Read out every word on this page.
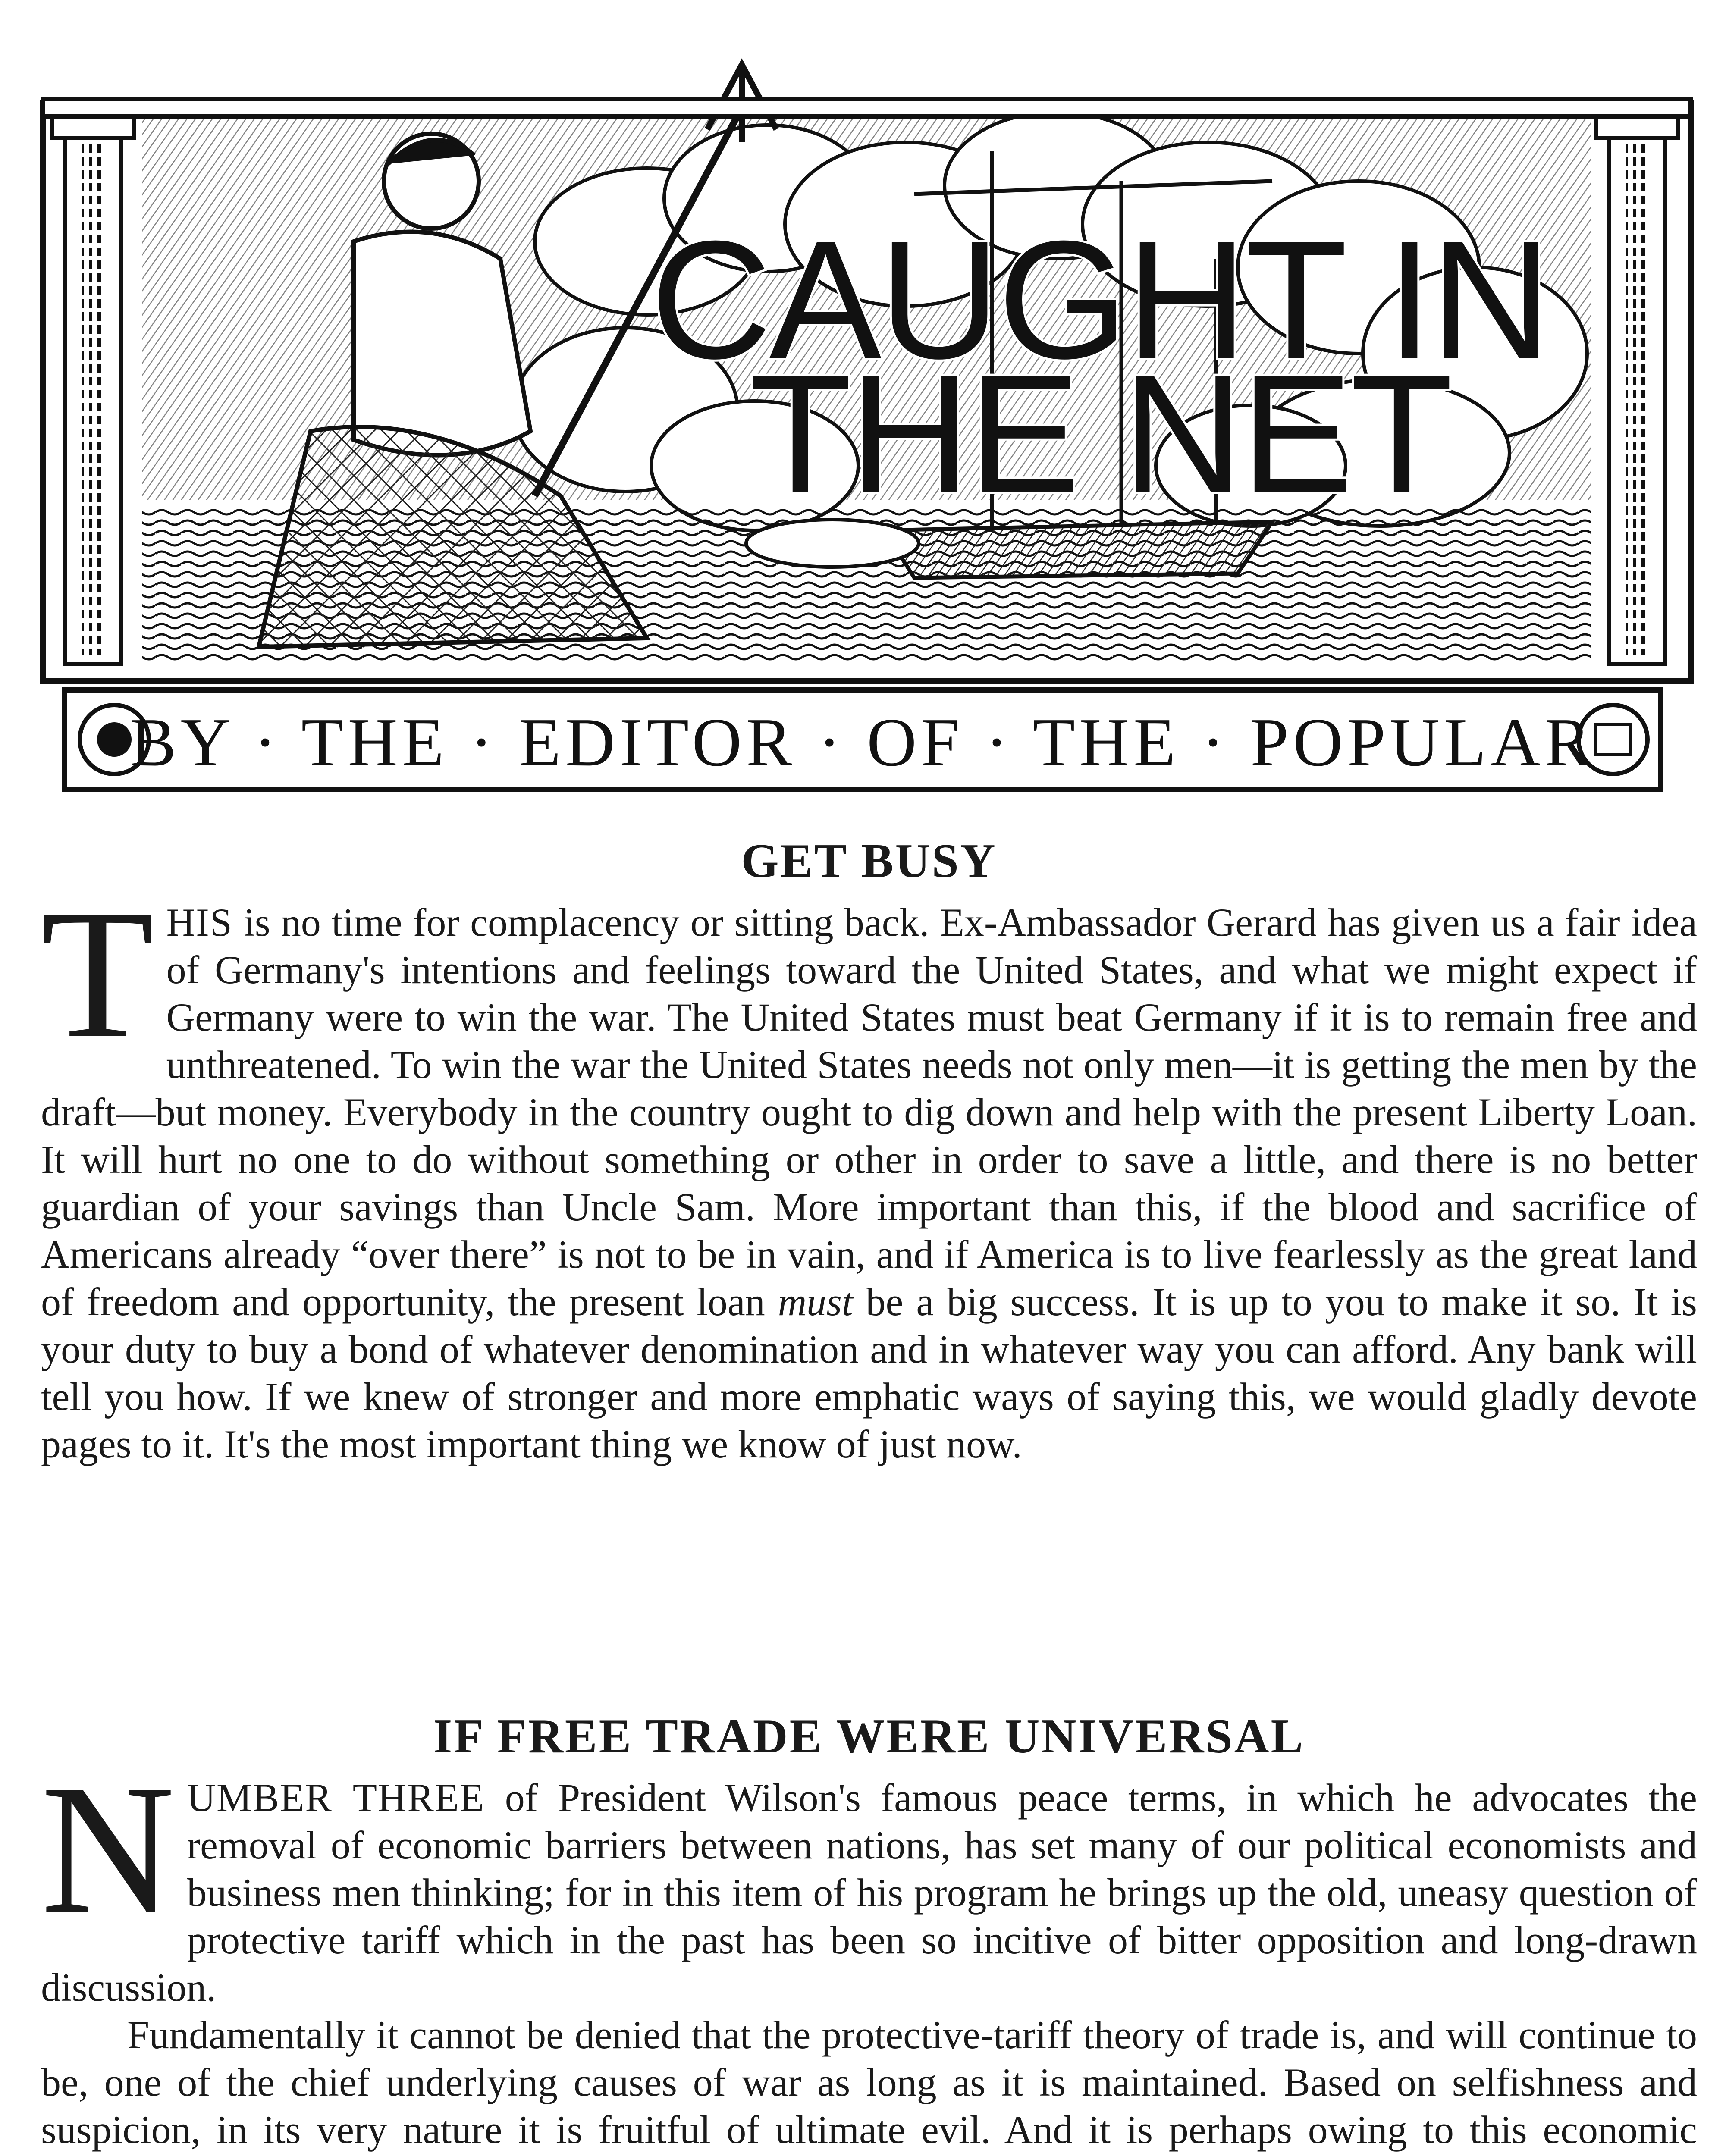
CAUGHT IN
THE NET
BY · THE · EDITOR · OF · THE · POPULAR
GET BUSY

THIS is no time for complacency or sitting back. Ex-Ambassador Gerard has given us a fair idea of Germany's intentions and feelings toward the United States, and what we might expect if Germany were to win the war. The United States must beat Germany if it is to remain free and unthreatened. To win the war the United States needs not only men—it is getting the men by the draft—but money. Everybody in the country ought to dig down and help with the present Liberty Loan. It will hurt no one to do without something or other in order to save a little, and there is no better guardian of your savings than Uncle Sam. More important than this, if the blood and sacrifice of Americans already “over there” is not to be in vain, and if America is to live fearlessly as the great land of freedom and opportunity, the present loan must be a big success. It is up to you to make it so. It is your duty to buy a bond of whatever denomination and in whatever way you can afford. Any bank will tell you how. If we knew of stronger and more emphatic ways of saying this, we would gladly devote pages to it. It's the most important thing we know of just now.

IF FREE TRADE WERE UNIVERSAL

NUMBER THREE of President Wilson's famous peace terms, in which he advocates the removal of economic barriers between nations, has set many of our political economists and business men thinking; for in this item of his program he brings up the old, uneasy question of protective tariff which in the past has been so incitive of bitter opposition and long-drawn discussion.

Fundamentally it cannot be denied that the protective-tariff theory of trade is, and will continue to be, one of the chief underlying causes of war as long as it is maintained. Based on selfishness and suspicion, in its very nature it is fruitful of ultimate evil. And it is perhaps owing to this economic
